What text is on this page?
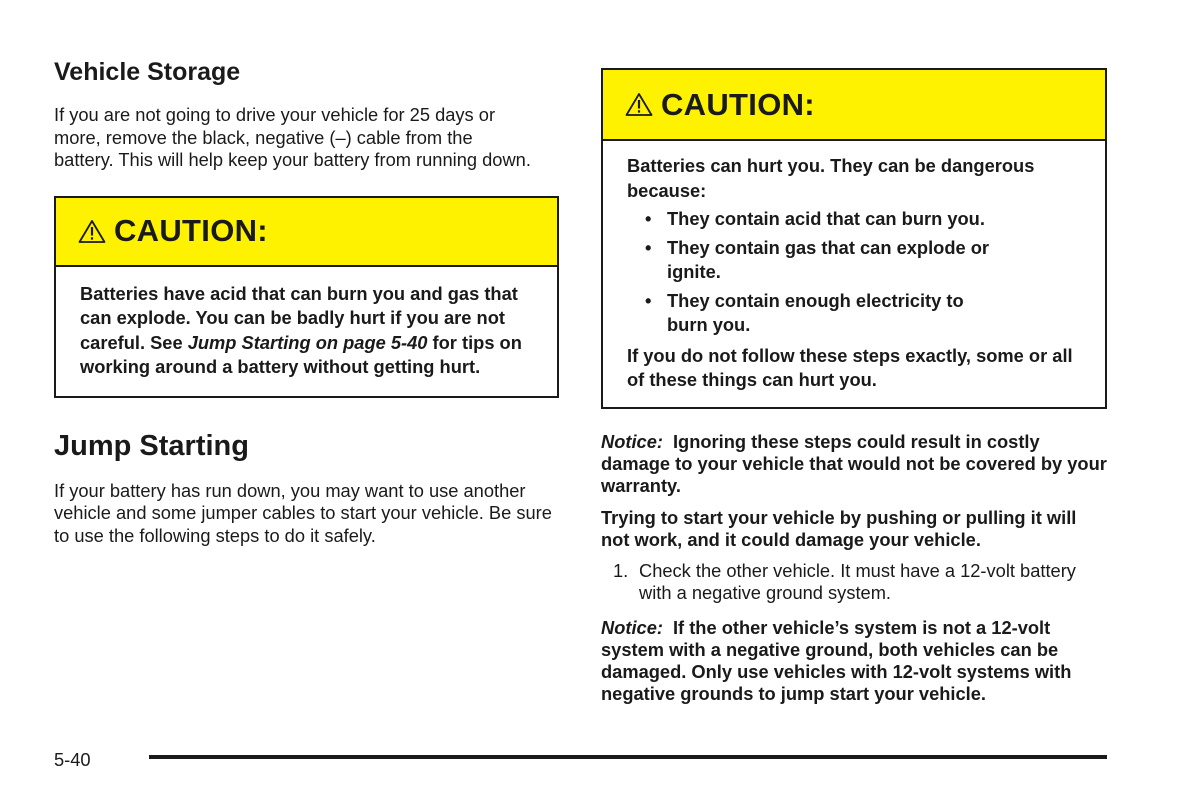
Vehicle Storage

If you are not going to drive your vehicle for 25 days or more, remove the black, negative (–) cable from the battery. This will help keep your battery from running down.

CAUTION:
Batteries have acid that can burn you and gas that can explode. You can be badly hurt if you are not careful. See Jump Starting on page 5-40 for tips on working around a battery without getting hurt.
Jump Starting

If your battery has run down, you may want to use another vehicle and some jumper cables to start your vehicle. Be sure to use the following steps to do it safely.

CAUTION:
Batteries can hurt you. They can be dangerous because:
• They contain acid that can burn you.
• They contain gas that can explode or ignite.
• They contain enough electricity to burn you.
If you do not follow these steps exactly, some or all of these things can hurt you.

Notice: Ignoring these steps could result in costly damage to your vehicle that would not be covered by your warranty.

Trying to start your vehicle by pushing or pulling it will not work, and it could damage your vehicle.

1. Check the other vehicle. It must have a 12-volt battery with a negative ground system.

Notice: If the other vehicle’s system is not a 12-volt system with a negative ground, both vehicles can be damaged. Only use vehicles with 12-volt systems with negative grounds to jump start your vehicle.

5-40
